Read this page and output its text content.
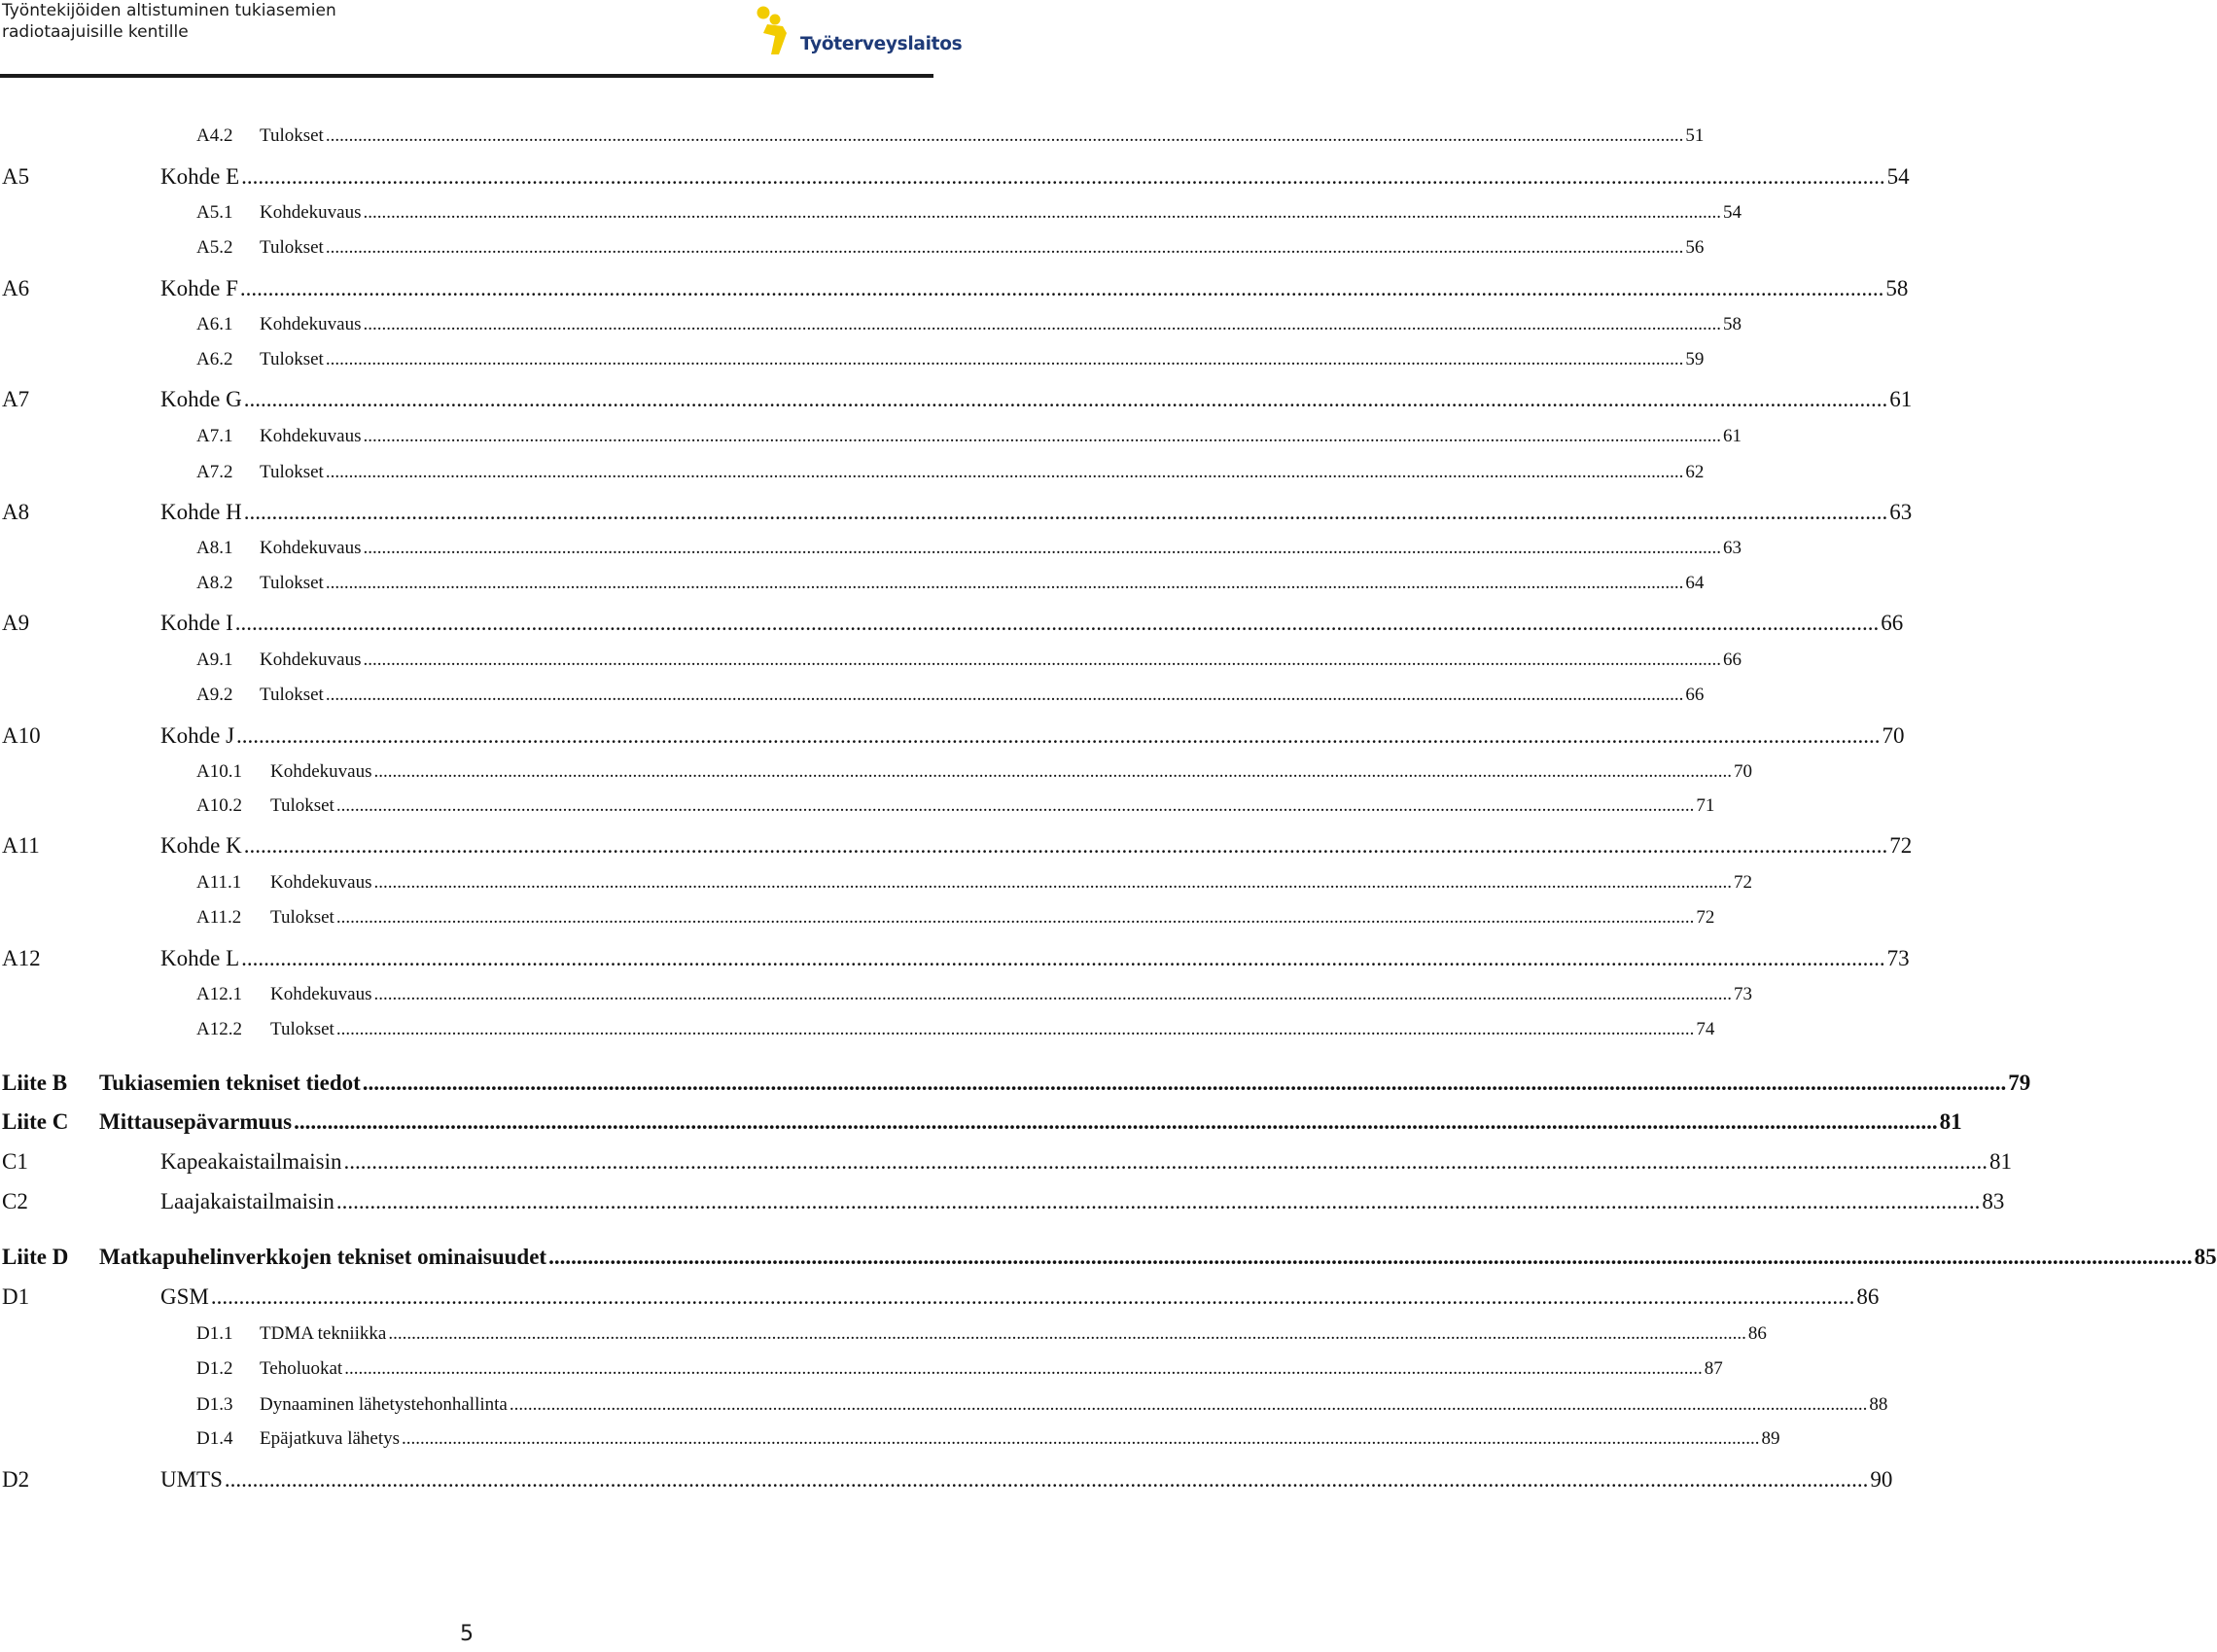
Työntekijöiden altistuminen tukiasemien
radiotaajuisille kentille
Työterveyslaitos
A4.2 Tulokset .....	51
A5	Kohde E .....	54
A5.1 Kohdekuvaus .....	54
A5.2 Tulokset .....	56
A6	Kohde F .....	58
A6.1 Kohdekuvaus .....	58
A6.2 Tulokset .....	59
A7	Kohde G .....	61
A7.1 Kohdekuvaus .....	61
A7.2 Tulokset .....	62
A8	Kohde H .....	63
A8.1 Kohdekuvaus .....	63
A8.2 Tulokset .....	64
A9	Kohde I .....	66
A9.1 Kohdekuvaus .....	66
A9.2 Tulokset .....	66
A10	Kohde J .....	70
A10.1 Kohdekuvaus .....	70
A10.2 Tulokset .....	71
A11	Kohde K .....	72
A11.1 Kohdekuvaus .....	72
A11.2 Tulokset .....	72
A12	Kohde L .....	73
A12.1 Kohdekuvaus .....	73
A12.2 Tulokset .....	74
Liite B Tukiasemien tekniset tiedot .....	79
Liite C Mittausepävarmuus .....	81
C1	Kapeakaistailmaisin .....	81
C2	Laajakaistailmaisin .....	83
Liite D Matkapuhelinverkkojen tekniset ominaisuudet .....	85
D1	GSM .....	86
D1.1 TDMA tekniikka .....	86
D1.2 Teholuokat .....	87
D1.3 Dynaaminen lähetystehonhallinta .....	88
D1.4 Epäjatkuva lähetys .....	89
D2	UMTS .....	90
5
